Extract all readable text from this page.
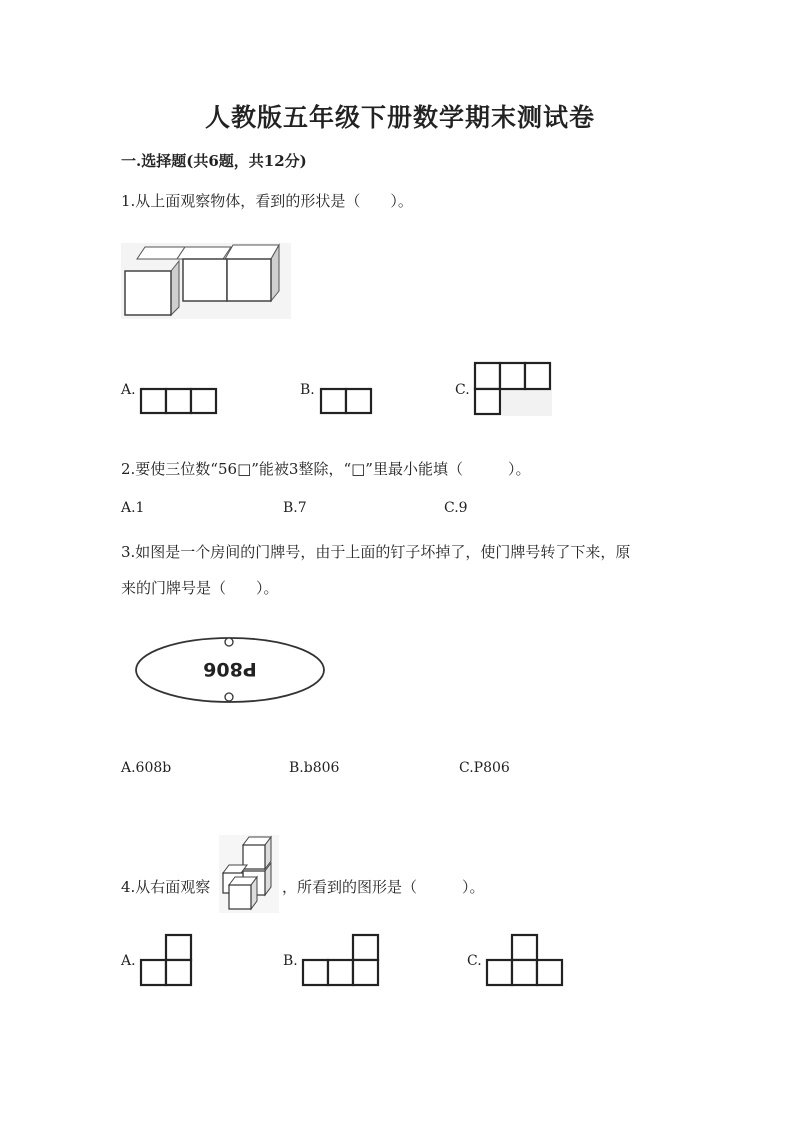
人教版五年级下册数学期末测试卷
一.选择题(共6题，共12分)
1.从上面观察物体，看到的形状是（　　）。
A.	B.	C.
2.要使三位数“56□”能被3整除，“□”里最小能填（　　　）。
A.1	B.7	C.9
3.如图是一个房间的门牌号，由于上面的钉子坏掉了，使门牌号转了下来，原
来的门牌号是（　　）。
P806
A.608b	B.b806	C.P806
4.从右面观察	，所看到的图形是（　　　）。
A.	B.	C.
